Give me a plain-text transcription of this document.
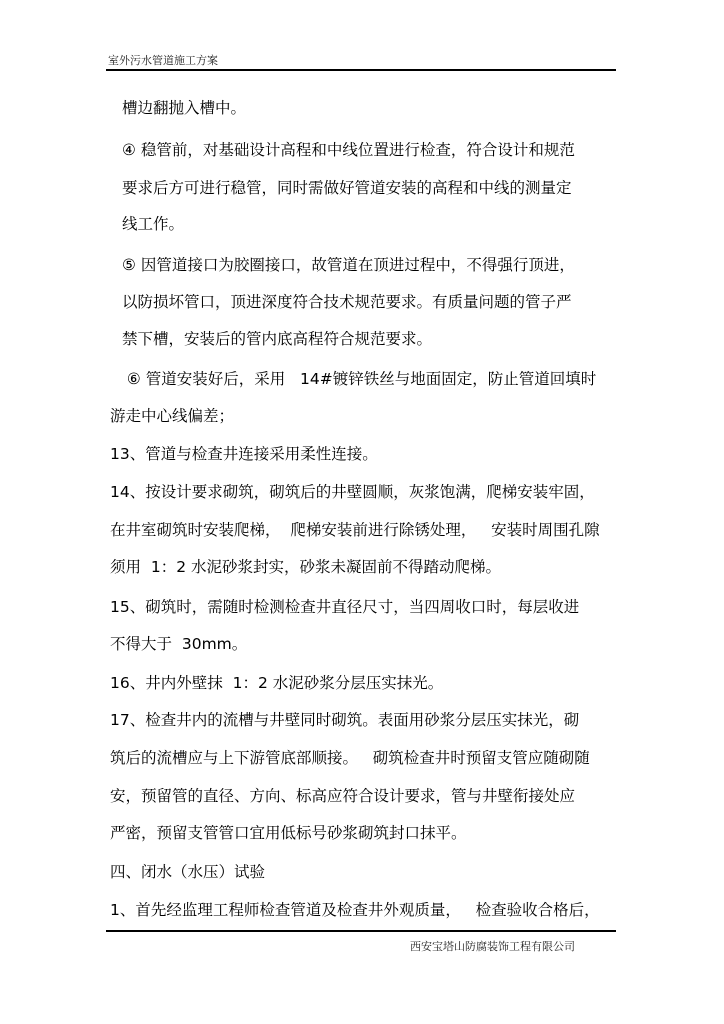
室外污水管道施工方案
槽边翻抛入槽中。
④ 稳管前，对基础设计高程和中线位置进行检查，符合设计和规范
要求后方可进行稳管，同时需做好管道安装的高程和中线的测量定
线工作。
⑤ 因管道接口为胶圈接口，故管道在顶进过程中，不得强行顶进，
以防损坏管口，顶进深度符合技术规范要求。有质量问题的管子严
禁下槽，安装后的管内底高程符合规范要求。
⑥ 管道安装好后，采用   14#镀锌铁丝与地面固定，防止管道回填时
游走中心线偏差；
13、管道与检查井连接采用柔性连接。
14、按设计要求砌筑，砌筑后的井壁圆顺，灰浆饱满，爬梯安装牢固，
在井室砌筑时安装爬梯，  爬梯安装前进行除锈处理，   安装时周围孔隙
须用  1：2 水泥砂浆封实，砂浆未凝固前不得踏动爬梯。
15、砌筑时，需随时检测检查井直径尺寸，当四周收口时，每层收进
不得大于  30mm。
16、井内外壁抹  1：2 水泥砂浆分层压实抹光。
17、检查井内的流槽与井壁同时砌筑。表面用砂浆分层压实抹光，砌
筑后的流槽应与上下游管底部顺接。   砌筑检查井时预留支管应随砌随
安，预留管的直径、方向、标高应符合设计要求，管与井壁衔接处应
严密，预留支管管口宜用低标号砂浆砌筑封口抹平。
四、闭水（水压）试验
1、首先经监理工程师检查管道及检查井外观质量，   检查验收合格后，
西安宝塔山防腐装饰工程有限公司
